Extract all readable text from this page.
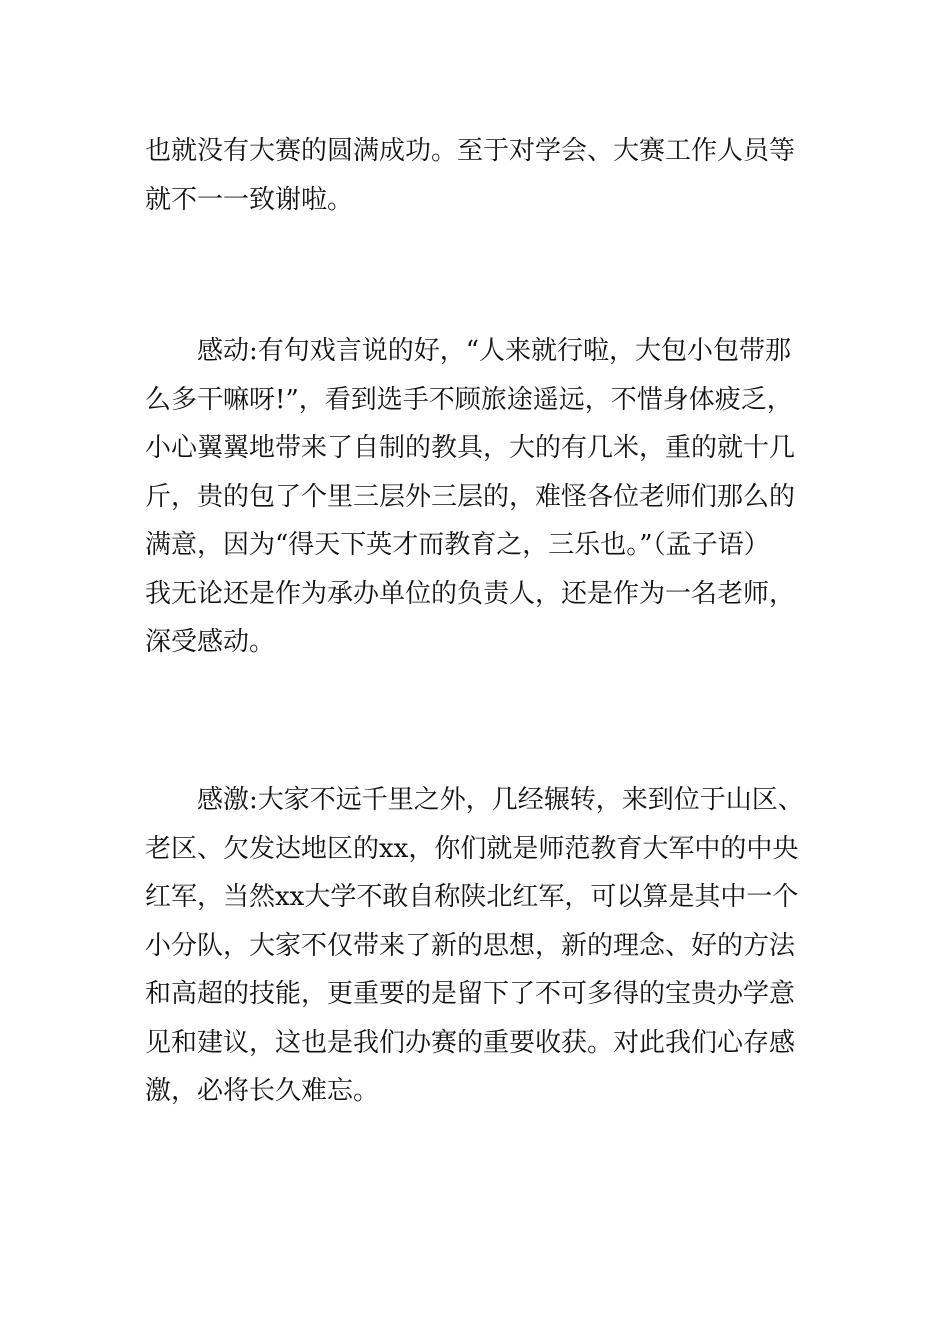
也就没有大赛的圆满成功。至于对学会、大赛工作人员等
就不一一致谢啦。

感动:有句戏言说的好，“人来就行啦，大包小包带那
么多干嘛呀!”，看到选手不顾旅途遥远，不惜身体疲乏，
小心翼翼地带来了自制的教具，大的有几米，重的就十几
斤，贵的包了个里三层外三层的，难怪各位老师们那么的
满意，因为“得天下英才而教育之，三乐也。”（孟子语）
我无论还是作为承办单位的负责人，还是作为一名老师，
深受感动。

感激:大家不远千里之外，几经辗转，来到位于山区、
老区、欠发达地区的xx，你们就是师范教育大军中的中央
红军，当然xx大学不敢自称陕北红军，可以算是其中一个
小分队，大家不仅带来了新的思想，新的理念、好的方法
和高超的技能，更重要的是留下了不可多得的宝贵办学意
见和建议，这也是我们办赛的重要收获。对此我们心存感
激，必将长久难忘。
